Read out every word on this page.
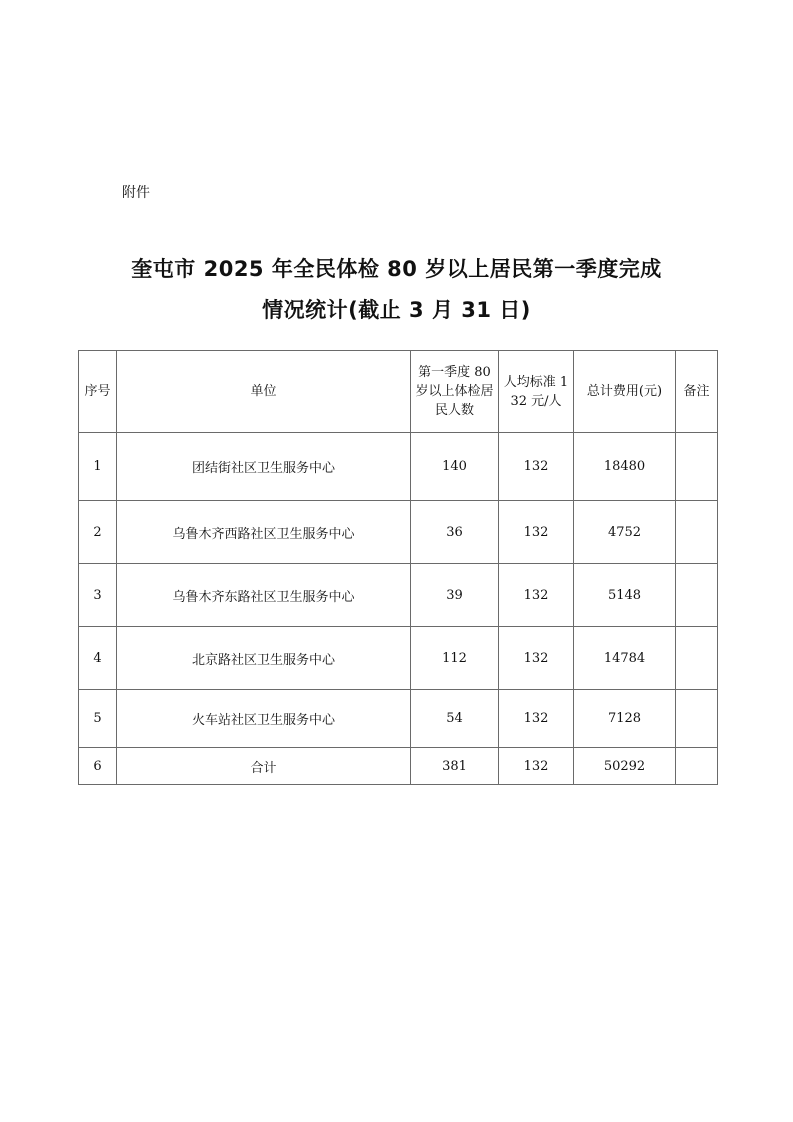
附件
奎屯市 2025 年全民体检 80 岁以上居民第一季度完成
情况统计(截止 3 月 31 日)
序号	单位	第一季度 80 岁以上体检居民人数	人均标准 132 元/人	总计费用(元)	备注
1	团结街社区卫生服务中心	140	132	18480	
2	乌鲁木齐西路社区卫生服务中心	36	132	4752	
3	乌鲁木齐东路社区卫生服务中心	39	132	5148	
4	北京路社区卫生服务中心	112	132	14784	
5	火车站社区卫生服务中心	54	132	7128	
6	合计	381	132	50292	
